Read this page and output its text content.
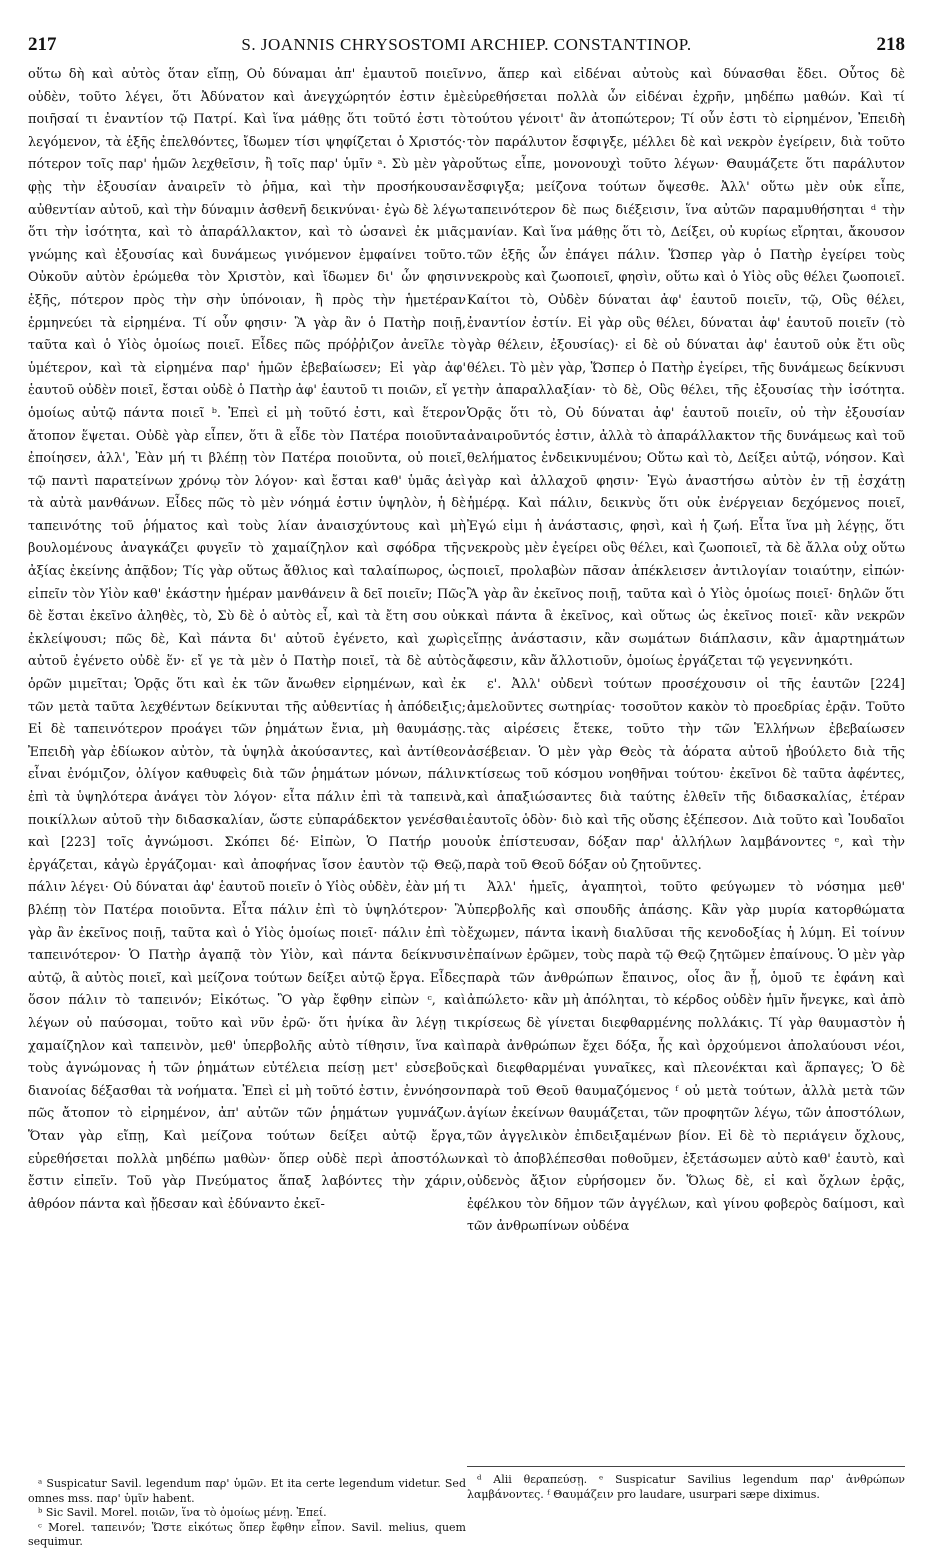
217	S. JOANNIS CHRYSOSTOMI ARCHIEP. CONSTANTINOP.	218

οὕτω δὴ καὶ αὐτὸς ὅταν εἴπῃ, Οὐ δύναμαι ἀπ' ἐμαυτοῦ ποιεῖν οὐδὲν, τοῦτο λέγει, ὅτι Ἀδύνατον καὶ ἀνεγχώρητόν ἐστιν ἐμὲ ποιῆσαί τι ἐναντίον τῷ Πατρί. Καὶ ἵνα μάθῃς ὅτι τοῦτό ἐστι τὸ λεγόμενον, τὰ ἑξῆς ἐπελθόντες, ἴδωμεν τίσι ψηφίζεται ὁ Χριστός· πότερον τοῖς παρ' ἡμῶν λεχθεῖσιν, ἢ τοῖς παρ' ὑμῖν ᵃ. Σὺ μὲν γὰρ φῂς τὴν ἐξουσίαν ἀναιρεῖν τὸ ῥῆμα, καὶ τὴν προσήκουσαν αὐθεντίαν αὐτοῦ, καὶ τὴν δύναμιν ἀσθενῆ δεικνύναι· ἐγὼ δὲ λέγω ὅτι τὴν ἰσότητα, καὶ τὸ ἀπαράλλακτον, καὶ τὸ ὡσανεὶ ἐκ μιᾶς γνώμης καὶ ἐξουσίας καὶ δυνάμεως γινόμενον ἐμφαίνει τοῦτο. Οὐκοῦν αὐτὸν ἐρώμεθα τὸν Χριστὸν, καὶ ἴδωμεν δι' ὧν φησιν ἑξῆς, πότερον πρὸς τὴν σὴν ὑπόνοιαν, ἢ πρὸς τὴν ἡμετέραν ἑρμηνεύει τὰ εἰρημένα. Τί οὖν φησιν· Ἃ γὰρ ἂν ὁ Πατὴρ ποιῇ, ταῦτα καὶ ὁ Υἱὸς ὁμοίως ποιεῖ. Εἶδες πῶς πρόῤῥιζον ἀνεῖλε τὸ ὑμέτερον, καὶ τὰ εἰρημένα παρ' ἡμῶν ἐβεβαίωσεν; Εἰ γὰρ ἀφ' ἑαυτοῦ οὐδὲν ποιεῖ, ἔσται οὐδὲ ὁ Πατὴρ ἀφ' ἑαυτοῦ τι ποιῶν, εἴ γε ὁμοίως αὐτῷ πάντα ποιεῖ ᵇ. Ἐπεὶ εἰ μὴ τοῦτό ἐστι, καὶ ἕτερον ἄτοπον ἕψεται. Οὐδὲ γὰρ εἶπεν, ὅτι ἃ εἶδε τὸν Πατέρα ποιοῦντα ἐποίησεν, ἀλλ', Ἐὰν μή τι βλέπῃ τὸν Πατέρα ποιοῦντα, οὐ ποιεῖ, τῷ παντὶ παρατείνων χρόνῳ τὸν λόγον· καὶ ἔσται καθ' ὑμᾶς ἀεὶ τὰ αὐτὰ μανθάνων. Εἶδες πῶς τὸ μὲν νόημά ἐστιν ὑψηλὸν, ἡ δὲ ταπεινότης τοῦ ῥήματος καὶ τοὺς λίαν ἀναισχύντους καὶ μὴ βουλομένους ἀναγκάζει φυγεῖν τὸ χαμαίζηλον καὶ σφόδρα τῆς ἀξίας ἐκείνης ἀπᾷδον; Τίς γὰρ οὕτως ἄθλιος καὶ ταλαίπωρος, ὡς εἰπεῖν τὸν Υἱὸν καθ' ἑκάστην ἡμέραν μανθάνειν ἃ δεῖ ποιεῖν; Πῶς δὲ ἔσται ἐκεῖνο ἀληθὲς, τὸ, Σὺ δὲ ὁ αὐτὸς εἶ, καὶ τὰ ἔτη σου οὐκ ἐκλείψουσι; πῶς δὲ, Καὶ πάντα δι' αὐτοῦ ἐγένετο, καὶ χωρὶς αὐτοῦ ἐγένετο οὐδὲ ἕν· εἴ γε τὰ μὲν ὁ Πατὴρ ποιεῖ, τὰ δὲ αὐτὸς ὁρῶν μιμεῖται; Ὁρᾷς ὅτι καὶ ἐκ τῶν ἄνωθεν εἰρημένων, καὶ ἐκ τῶν μετὰ ταῦτα λεχθέντων δείκνυται τῆς αὐθεντίας ἡ ἀπόδειξις; Εἰ δὲ ταπεινότερον προάγει τῶν ῥημάτων ἔνια, μὴ θαυμάσῃς. Ἐπειδὴ γὰρ ἐδίωκον αὐτὸν, τὰ ὑψηλὰ ἀκούσαντες, καὶ ἀντίθεον εἶναι ἐνόμιζον, ὀλίγον καθυφεὶς διὰ τῶν ῥημάτων μόνων, πάλιν ἐπὶ τὰ ὑψηλότερα ἀνάγει τὸν λόγον· εἶτα πάλιν ἐπὶ τὰ ταπεινὰ, ποικίλλων αὐτοῦ τὴν διδασκαλίαν, ὥστε εὐπαράδεκτον γενέσθαι καὶ [223] τοῖς ἀγνώμοσι. Σκόπει δέ· Εἰπὼν, Ὁ Πατήρ μου ἐργάζεται, κἀγὼ ἐργάζομαι· καὶ ἀποφήνας ἴσον ἑαυτὸν τῷ Θεῷ, πάλιν λέγει· Οὐ δύναται ἀφ' ἑαυτοῦ ποιεῖν ὁ Υἱὸς οὐδὲν, ἐὰν μή τι βλέπῃ τὸν Πατέρα ποιοῦντα. Εἶτα πάλιν ἐπὶ τὸ ὑψηλότερον· Ἃ γὰρ ἂν ἐκεῖνος ποιῇ, ταῦτα καὶ ὁ Υἱὸς ὁμοίως ποιεῖ· πάλιν ἐπὶ τὸ ταπεινότερον· Ὁ Πατὴρ ἀγαπᾷ τὸν Υἱὸν, καὶ πάντα δείκνυσιν αὐτῷ, ἃ αὐτὸς ποιεῖ, καὶ μείζονα τούτων δείξει αὐτῷ ἔργα. Εἶδες ὅσον πάλιν τὸ ταπεινόν; Εἰκότως. Ὃ γὰρ ἔφθην εἰπὼν ᶜ, καὶ λέγων οὐ παύσομαι, τοῦτο καὶ νῦν ἐρῶ· ὅτι ἡνίκα ἂν λέγῃ τι χαμαίζηλον καὶ ταπεινὸν, μεθ' ὑπερβολῆς αὐτὸ τίθησιν, ἵνα καὶ τοὺς ἀγνώμονας ἡ τῶν ῥημάτων εὐτέλεια πείσῃ μετ' εὐσεβοῦς διανοίας δέξασθαι τὰ νοήματα. Ἐπεὶ εἰ μὴ τοῦτό ἐστιν, ἐννόησον πῶς ἄτοπον τὸ εἰρημένον, ἀπ' αὐτῶν τῶν ῥημάτων γυμνάζων. Ὅταν γὰρ εἴπῃ, Καὶ μείζονα τούτων δείξει αὐτῷ ἔργα, εὑρεθήσεται πολλὰ μηδέπω μαθὼν· ὅπερ οὐδὲ περὶ ἀποστόλων ἔστιν εἰπεῖν. Τοῦ γὰρ Πνεύματος ἅπαξ λαβόντες τὴν χάριν, ἀθρόον πάντα καὶ ᾔδεσαν καὶ ἐδύναντο ἐκεῖ-

ᵃ Suspicatur Savil. legendum παρ' ὑμῶν. Et ita certe legendum videtur. Sed omnes mss. παρ' ὑμῖν habent.

ᵇ Sic Savil. Morel. ποιῶν, ἵνα τὸ ὁμοίως μένῃ. Ἐπεί.

ᶜ Morel. ταπεινόν; Ὥστε εἰκότως ὅπερ ἔφθην εἶπον. Savil. melius, quem sequimur.

νο, ἅπερ καὶ εἰδέναι αὐτοὺς καὶ δύνασθαι ἔδει. Οὗτος δὲ εὑρεθήσεται πολλὰ ὧν εἰδέναι ἐχρῆν, μηδέπω μαθών. Καὶ τί τούτου γένοιτ' ἂν ἀτοπώτερον; Τί οὖν ἐστι τὸ εἰρημένον, Ἐπειδὴ τὸν παράλυτον ἔσφιγξε, μέλλει δὲ καὶ νεκρὸν ἐγείρειν, διὰ τοῦτο οὕτως εἶπε, μονονουχὶ τοῦτο λέγων· Θαυμάζετε ὅτι παράλυτον ἔσφιγξα; μείζονα τούτων ὄψεσθε. Ἀλλ' οὕτω μὲν οὐκ εἶπε, ταπεινότερον δὲ πως διέξεισιν, ἵνα αὐτῶν παραμυθήσηται ᵈ τὴν μανίαν. Καὶ ἵνα μάθῃς ὅτι τὸ, Δείξει, οὐ κυρίως εἴρηται, ἄκουσον τῶν ἑξῆς ὧν ἐπάγει πάλιν. Ὥσπερ γὰρ ὁ Πατὴρ ἐγείρει τοὺς νεκροὺς καὶ ζωοποιεῖ, φησὶν, οὕτω καὶ ὁ Υἱὸς οὓς θέλει ζωοποιεῖ. Καίτοι τὸ, Οὐδὲν δύναται ἀφ' ἑαυτοῦ ποιεῖν, τῷ, Οὓς θέλει, ἐναντίον ἐστίν. Εἰ γὰρ οὓς θέλει, δύναται ἀφ' ἑαυτοῦ ποιεῖν (τὸ γὰρ θέλειν, ἐξουσίας)· εἰ δὲ οὐ δύναται ἀφ' ἑαυτοῦ οὐκ ἔτι οὓς θέλει. Τὸ μὲν γὰρ, Ὥσπερ ὁ Πατὴρ ἐγείρει, τῆς δυνάμεως δείκνυσι τὴν ἀπαραλλαξίαν· τὸ δὲ, Οὓς θέλει, τῆς ἐξουσίας τὴν ἰσότητα. Ὁρᾷς ὅτι τὸ, Οὐ δύναται ἀφ' ἑαυτοῦ ποιεῖν, οὐ τὴν ἐξουσίαν ἀναιροῦντός ἐστιν, ἀλλὰ τὸ ἀπαράλλακτον τῆς δυνάμεως καὶ τοῦ θελήματος ἐνδεικνυμένου; Οὕτω καὶ τὸ, Δείξει αὐτῷ, νόησον. Καὶ γὰρ καὶ ἀλλαχοῦ φησιν· Ἐγὼ ἀναστήσω αὐτὸν ἐν τῇ ἐσχάτῃ ἡμέρᾳ. Καὶ πάλιν, δεικνὺς ὅτι οὐκ ἐνέργειαν δεχόμενος ποιεῖ, Ἐγώ εἰμι ἡ ἀνάστασις, φησὶ, καὶ ἡ ζωή. Εἶτα ἵνα μὴ λέγῃς, ὅτι νεκροὺς μὲν ἐγείρει οὓς θέλει, καὶ ζωοποιεῖ, τὰ δὲ ἄλλα οὐχ οὕτω ποιεῖ, προλαβὼν πᾶσαν ἀπέκλεισεν ἀντιλογίαν τοιαύτην, εἰπών· Ἃ γὰρ ἂν ἐκεῖνος ποιῇ, ταῦτα καὶ ὁ Υἱὸς ὁμοίως ποιεῖ· δηλῶν ὅτι καὶ πάντα ἃ ἐκεῖνος, καὶ οὕτως ὡς ἐκεῖνος ποιεῖ· κἂν νεκρῶν εἴπῃς ἀνάστασιν, κἂν σωμάτων διάπλασιν, κἂν ἁμαρτημάτων ἄφεσιν, κἂν ἄλλοτιοῦν, ὁμοίως ἐργάζεται τῷ γεγεννηκότι.

ε'. Ἀλλ' οὐδενὶ τούτων προσέχουσιν οἱ τῆς ἑαυτῶν [224] ἀμελοῦντες σωτηρίας· τοσοῦτον κακὸν τὸ προεδρίας ἐρᾷν. Τοῦτο τὰς αἱρέσεις ἔτεκε, τοῦτο τὴν τῶν Ἑλλήνων ἐβεβαίωσεν ἀσέβειαν. Ὁ μὲν γὰρ Θεὸς τὰ ἀόρατα αὐτοῦ ἠβούλετο διὰ τῆς κτίσεως τοῦ κόσμου νοηθῆναι τούτου· ἐκεῖνοι δὲ ταῦτα ἀφέντες, καὶ ἀπαξιώσαντες διὰ ταύτης ἐλθεῖν τῆς διδασκαλίας, ἑτέραν ἑαυτοῖς ὁδὸν· διὸ καὶ τῆς οὔσης ἐξέπεσον. Διὰ τοῦτο καὶ Ἰουδαῖοι οὐκ ἐπίστευσαν, δόξαν παρ' ἀλλήλων λαμβάνοντες ᵉ, καὶ τὴν παρὰ τοῦ Θεοῦ δόξαν οὐ ζητοῦντες.

Ἀλλ' ἡμεῖς, ἀγαπητοὶ, τοῦτο φεύγωμεν τὸ νόσημα μεθ' ὑπερβολῆς καὶ σπουδῆς ἁπάσης. Κἂν γὰρ μυρία κατορθώματα ἔχωμεν, πάντα ἱκανὴ διαλῦσαι τῆς κενοδοξίας ἡ λύμη. Εἰ τοίνυν ἐπαίνων ἐρῶμεν, τοὺς παρὰ τῷ Θεῷ ζητῶμεν ἐπαίνους. Ὁ μὲν γὰρ παρὰ τῶν ἀνθρώπων ἔπαινος, οἷος ἂν ᾖ, ὁμοῦ τε ἐφάνη καὶ ἀπώλετο· κἂν μὴ ἀπόληται, τὸ κέρδος οὐδὲν ἡμῖν ἤνεγκε, καὶ ἀπὸ κρίσεως δὲ γίνεται διεφθαρμένης πολλάκις. Τί γὰρ θαυμαστὸν ἡ παρὰ ἀνθρώπων ἔχει δόξα, ἧς καὶ ὀρχούμενοι ἀπολαύουσι νέοι, καὶ διεφθαρμέναι γυναῖκες, καὶ πλεονέκται καὶ ἅρπαγες; Ὁ δὲ παρὰ τοῦ Θεοῦ θαυμαζόμενος ᶠ οὐ μετὰ τούτων, ἀλλὰ μετὰ τῶν ἁγίων ἐκείνων θαυμάζεται, τῶν προφητῶν λέγω, τῶν ἀποστόλων, τῶν ἀγγελικὸν ἐπιδειξαμένων βίον. Εἰ δὲ τὸ περιάγειν ὄχλους, καὶ τὸ ἀποβλέπεσθαι ποθοῦμεν, ἐξετάσωμεν αὐτὸ καθ' ἑαυτὸ, καὶ οὐδενὸς ἄξιον εὑρήσομεν ὄν. Ὅλως δὲ, εἰ καὶ ὄχλων ἐρᾷς, ἐφέλκου τὸν δῆμον τῶν ἀγγέλων, καὶ γίνου φοβερὸς δαίμοσι, καὶ τῶν ἀνθρωπίνων οὐδένα

ᵈ Alii θεραπεύσῃ. ᵉ Suspicatur Savilius legendum παρ' ἀνθρώπων λαμβάνοντες. ᶠ Θαυμάζειν pro laudare, usurpari sæpe diximus.
